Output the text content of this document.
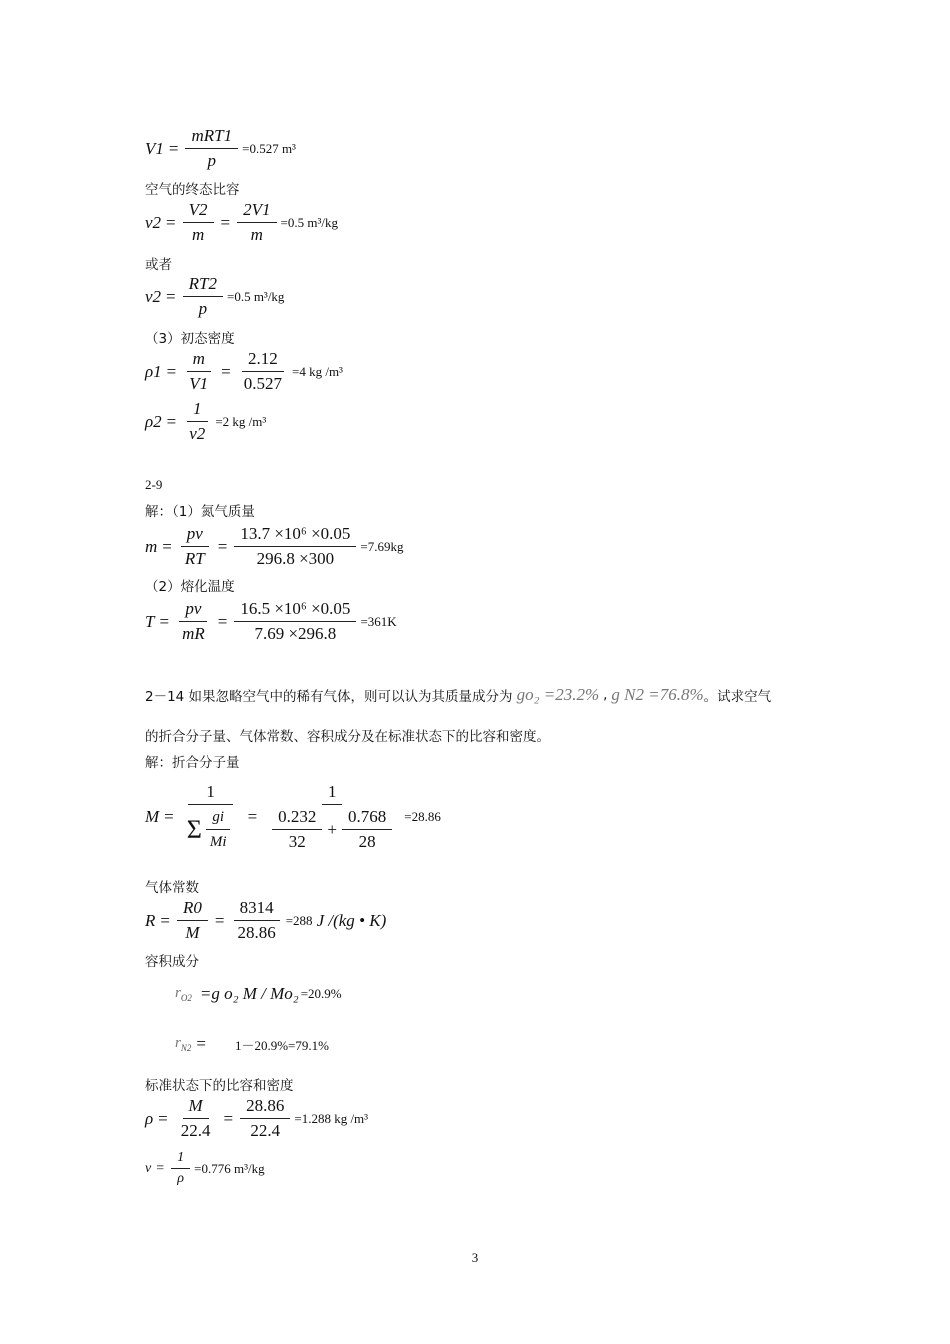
$V1 = \frac{\text{mRT1}}{p} =0.527$ m³
空气的终态比容
$v2 = \frac{V2}{m} = \frac{2V1}{m} =0.5$ m³/kg
或者
$v2 = \frac{RT2}{p} =0.5$ m³/kg
（3）初态密度
$\rho 1 = \frac{m}{V1} = \frac{2.12}{0.527} =4$ kg /m³
$\rho 2 = \frac{1}{v2} =2$ kg /m³
2-9
解：（1）氮气质量
$m = \frac{pv}{RT} = \frac{\text{13.7 ×10⁶ ×0.05}}{296.8 \times 300} =7.69kg$
（2）熔化温度
$T = \frac{pv}{mR} = \frac{\text{16.5 ×10⁶ ×0.05}}{7.69 \times 296.8} =361K$
2－14 如果忽略空气中的稀有气体，则可以认为其质量成分为 go₂ =23.2% , g N2 =76.8% 。试求空气
的折合分子量、气体常数、容积成分及在标准状态下的比容和密度。
解：折合分子量
$M = \frac{1}{\Sigma \frac{gi}{Mi}} = \frac{1}{\frac{0.232}{32} + \frac{0.768}{28}} =28.86$
气体常数
$R = \frac{R0}{M} = \frac{8314}{28.86} =288$ J /(kg • K)
容积成分
$r_{O2} =g$ o₂ M / Mo₂ =20.9%
$r_{N2} = 1-20.9\%=79.1\%$
标准状态下的比容和密度
$\rho = \frac{M}{22.4} = \frac{28.86}{22.4} =1.288$ kg /m³
$v = \frac{1}{\rho} =0.776$ m³/kg
3
